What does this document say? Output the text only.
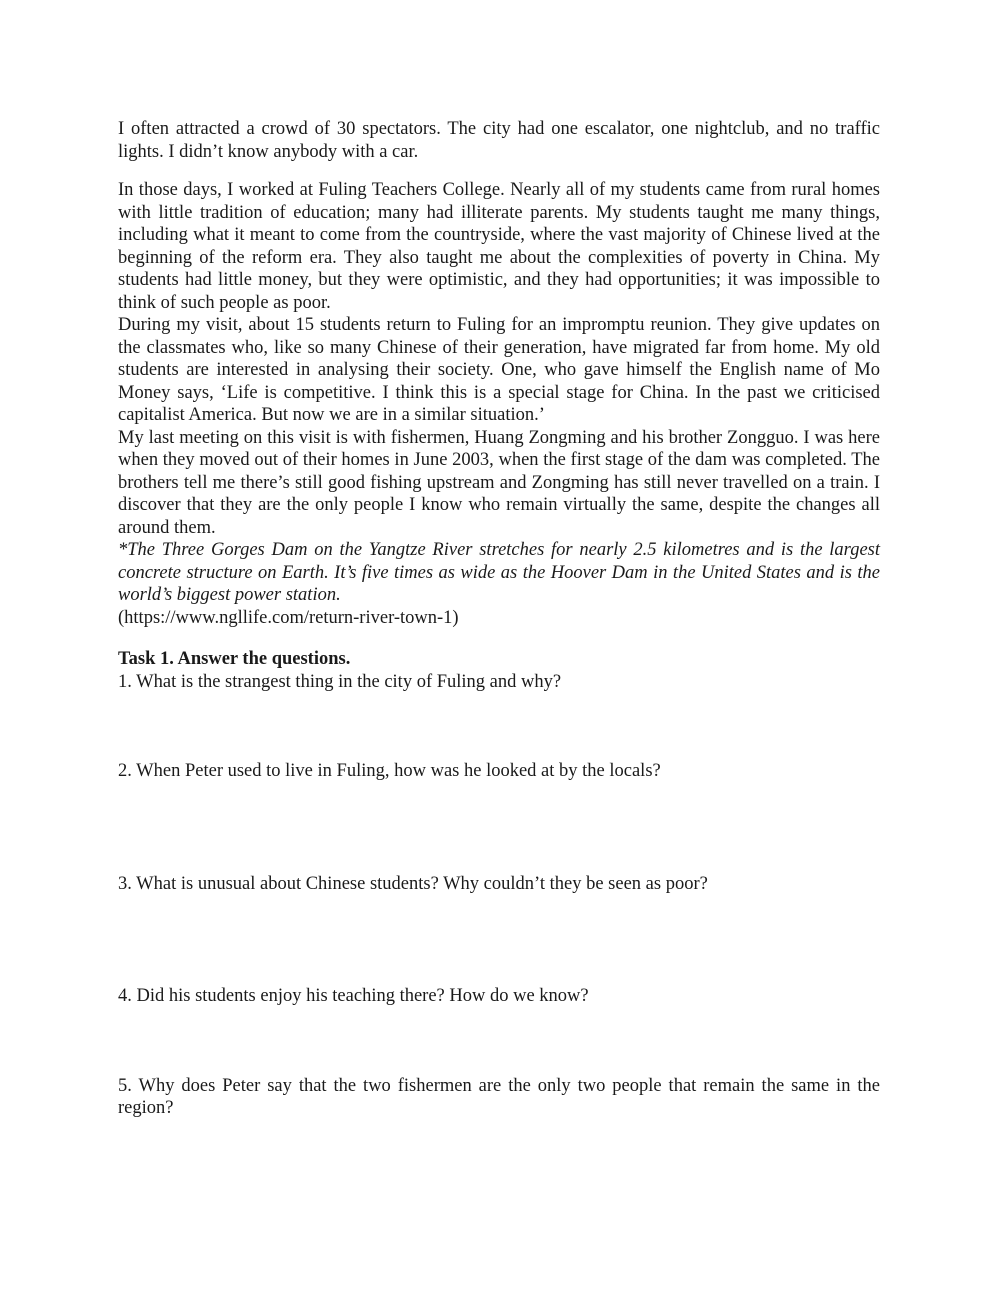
I often attracted a crowd of 30 spectators. The city had one escalator, one nightclub, and no traffic lights. I didn’t know anybody with a car.

In those days, I worked at Fuling Teachers College. Nearly all of my students came from rural homes with little tradition of education; many had illiterate parents. My students taught me many things, including what it meant to come from the countryside, where the vast majority of Chinese lived at the beginning of the reform era. They also taught me about the complexities of poverty in China. My students had little money, but they were optimistic, and they had opportunities; it was impossible to think of such people as poor.

During my visit, about 15 students return to Fuling for an impromptu reunion. They give updates on the classmates who, like so many Chinese of their generation, have migrated far from home. My old students are interested in analysing their society. One, who gave himself the English name of Mo Money says, ‘Life is competitive. I think this is a special stage for China. In the past we criticised capitalist America. But now we are in a similar situation.’

My last meeting on this visit is with fishermen, Huang Zongming and his brother Zongguo. I was here when they moved out of their homes in June 2003, when the first stage of the dam was completed. The brothers tell me there’s still good fishing upstream and Zongming has still never travelled on a train. I discover that they are the only people I know who remain virtually the same, despite the changes all around them.

*The Three Gorges Dam on the Yangtze River stretches for nearly 2.5 kilometres and is the largest concrete structure on Earth. It’s five times as wide as the Hoover Dam in the United States and is the world’s biggest power station.

(https://www.ngllife.com/return-river-town-1)

Task 1. Answer the questions.

1. What is the strangest thing in the city of Fuling and why?

2. When Peter used to live in Fuling, how was he looked at by the locals?

3. What is unusual about Chinese students? Why couldn’t they be seen as poor?

4. Did his students enjoy his teaching there? How do we know?

5. Why does Peter say that the two fishermen are the only two people that remain the same in the region?
